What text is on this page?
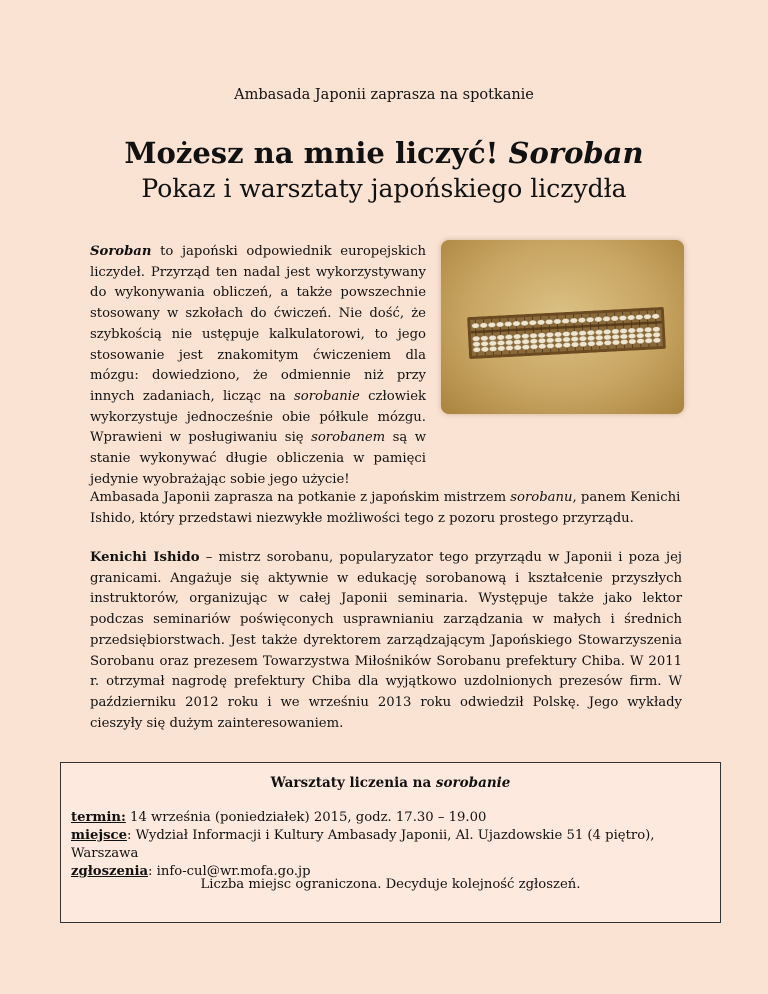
Ambasada Japonii zaprasza na spotkanie
Możesz na mnie liczyć! Soroban
Pokaz i warsztaty japońskiego liczydła
Soroban to japoński odpowiednik europejskich liczydeł. Przyrząd ten nadal jest wykorzystywany do wykonywania obliczeń, a także powszechnie stosowany w szkołach do ćwiczeń. Nie dość, że szybkością nie ustępuje kalkulatorowi, to jego stosowanie jest znakomitym ćwiczeniem dla mózgu: dowiedziono, że odmiennie niż przy innych zadaniach, licząc na sorobanie człowiek wykorzystuje jednocześnie obie półkule mózgu. Wprawieni w posługiwaniu się sorobanem są w stanie wykonywać długie obliczenia w pamięci jedynie wyobrażając sobie jego użycie!
Ambasada Japonii zaprasza na potkanie z japońskim mistrzem sorobanu, panem Kenichi Ishido, który przedstawi niezwykłe możliwości tego z pozoru prostego przyrządu.
Kenichi Ishido – mistrz sorobanu, popularyzator tego przyrządu w Japonii i poza jej granicami. Angażuje się aktywnie w edukację sorobanową i kształcenie przyszłych instruktorów, organizując w całej Japonii seminaria. Występuje także jako lektor podczas seminariów poświęconych usprawnianiu zarządzania w małych i średnich przedsiębiorstwach. Jest także dyrektorem zarządzającym Japońskiego Stowarzyszenia Sorobanu oraz prezesem Towarzystwa Miłośników Sorobanu prefektury Chiba. W 2011 r. otrzymał nagrodę prefektury Chiba dla wyjątkowo uzdolnionych prezesów firm. W październiku 2012 roku i we wrześniu 2013 roku odwiedził Polskę. Jego wykłady cieszyły się dużym zainteresowaniem.
Warsztaty liczenia na sorobanie
termin: 14 września (poniedziałek) 2015, godz. 17.30 – 19.00
miejsce: Wydział Informacji i Kultury Ambasady Japonii, Al. Ujazdowskie 51 (4 piętro), Warszawa
zgłoszenia: info-cul@wr.mofa.go.jp
Liczba miejsc ograniczona. Decyduje kolejność zgłoszeń.
